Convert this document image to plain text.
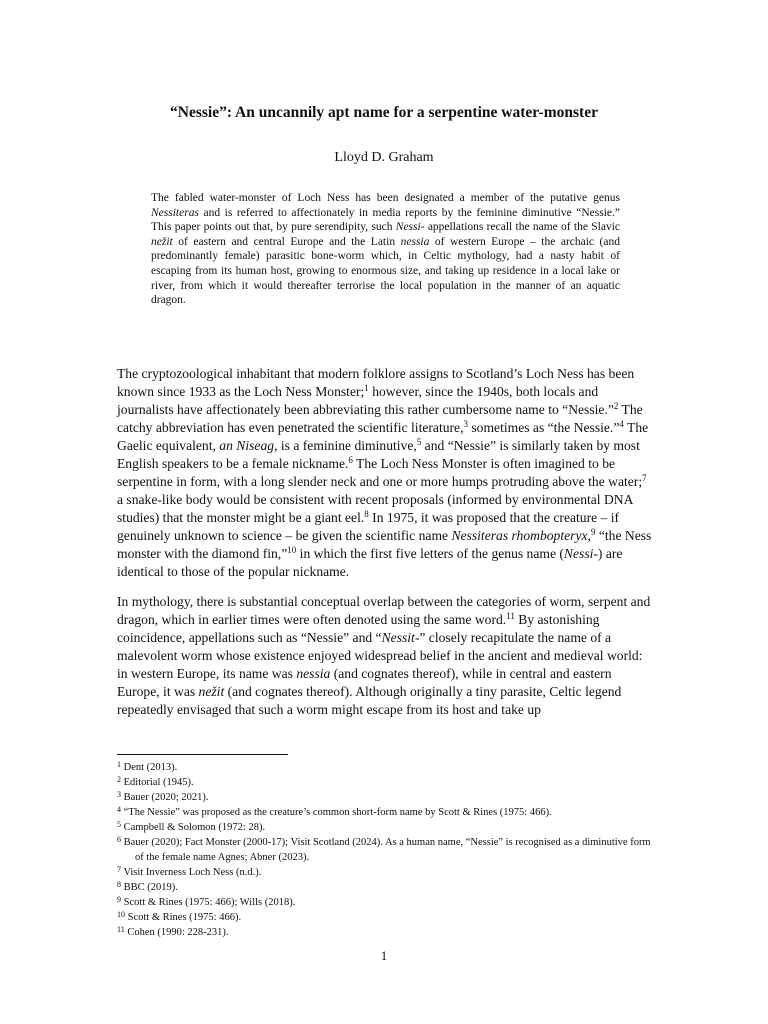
“Nessie”: An uncannily apt name for a serpentine water-monster
Lloyd D. Graham

The fabled water-monster of Loch Ness has been designated a member of the putative genus Nessiteras and is referred to affectionately in media reports by the feminine diminutive “Nessie.” This paper points out that, by pure serendipity, such Nessi- appellations recall the name of the Slavic nežit of eastern and central Europe and the Latin nessia of western Europe – the archaic (and predominantly female) parasitic bone-worm which, in Celtic mythology, had a nasty habit of escaping from its human host, growing to enormous size, and taking up residence in a local lake or river, from which it would thereafter terrorise the local population in the manner of an aquatic dragon.

The cryptozoological inhabitant that modern folklore assigns to Scotland’s Loch Ness has been known since 1933 as the Loch Ness Monster;$^1$ however, since the 1940s, both locals and journalists have affectionately been abbreviating this rather cumbersome name to “Nessie.”$^2$ The catchy abbreviation has even penetrated the scientific literature,$^3$ sometimes as “the Nessie.”$^4$ The Gaelic equivalent, an Niseag, is a feminine diminutive,$^5$ and “Nessie” is similarly taken by most English speakers to be a female nickname.$^6$ The Loch Ness Monster is often imagined to be serpentine in form, with a long slender neck and one or more humps protruding above the water;$^7$ a snake-like body would be consistent with recent proposals (informed by environmental DNA studies) that the monster might be a giant eel.$^8$ In 1975, it was proposed that the creature – if genuinely unknown to science – be given the scientific name Nessiteras rhombopteryx,$^9$ “the Ness monster with the diamond fin,”$^{10}$ in which the first five letters of the genus name (Nessi-) are identical to those of the popular nickname.

In mythology, there is substantial conceptual overlap between the categories of worm, serpent and dragon, which in earlier times were often denoted using the same word.$^{11}$ By astonishing coincidence, appellations such as “Nessie” and “Nessit-” closely recapitulate the name of a malevolent worm whose existence enjoyed widespread belief in the ancient and medieval world: in western Europe, its name was nessia (and cognates thereof), while in central and eastern Europe, it was nežit (and cognates thereof). Although originally a tiny parasite, Celtic legend repeatedly envisaged that such a worm might escape from its host and take up

$^1$ Dent (2013).
$^2$ Editorial (1945).
$^3$ Bauer (2020; 2021).
$^4$ “The Nessie” was proposed as the creature’s common short-form name by Scott & Rines (1975: 466).
$^5$ Campbell & Solomon (1972: 28).
$^6$ Bauer (2020); Fact Monster (2000-17); Visit Scotland (2024). As a human name, “Nessie” is recognised as a diminutive form of the female name Agnes; Abner (2023).
$^7$ Visit Inverness Loch Ness (n.d.).
$^8$ BBC (2019).
$^9$ Scott & Rines (1975: 466); Wills (2018).
$^{10}$ Scott & Rines (1975: 466).
$^{11}$ Cohen (1990: 228-231).
1
